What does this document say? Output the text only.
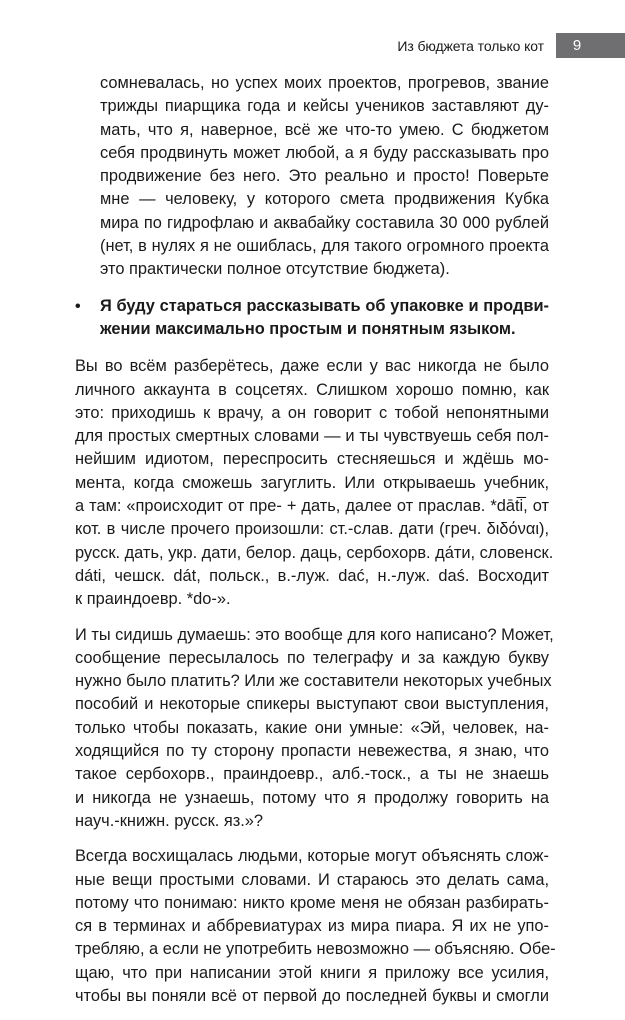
Из бюджета только кот	9

сомневалась, но успех моих проектов, прогревов, звание

трижды пиарщика года и кейсы учеников заставляют ду-

мать, что я, наверное, всё же что-то умею. С бюджетом

себя продвинуть может любой, а я буду рассказывать про

продвижение без него. Это реально и просто! Поверьте

мне — человеку, у которого смета продвижения Кубка

мира по гидрофлаю и аквабайку составила 30 000 рублей

(нет, в нулях я не ошиблась, для такого огромного проекта

это практически полное отсутствие бюджета).

• Я буду стараться рассказывать об упаковке и продви-

жении максимально простым и понятным языком.

Вы во всём разберётесь, даже если у вас никогда не было

личного аккаунта в соцсетях. Слишком хорошо помню, как

это: приходишь к врачу, а он говорит с тобой непонятными

для простых смертных словами — и ты чувствуешь себя пол-

нейшим идиотом, переспросить стесняешься и ждёшь мо-

мента, когда сможешь загуглить. Или открываешь учебник,

а там: «происходит от пре- + дать, далее от праслав. *dāti̅, от

кот. в числе прочего произошли: ст.-слав. дати (греч. διδόναι),

русск. дать, укр. дати, белор. даць, сербохорв. да́ти, словенск.

dáti, чешск. dát, польск., в.-луж. dać, н.-луж. daś. Восходит

к праиндоевр. *do-».

И ты сидишь думаешь: это вообще для кого написано? Может,

сообщение пересылалось по телеграфу и за каждую букву

нужно было платить? Или же составители некоторых учебных

пособий и некоторые спикеры выступают свои выступления,

только чтобы показать, какие они умные: «Эй, человек, на-

ходящийся по ту сторону пропасти невежества, я знаю, что

такое сербохорв., праиндоевр., алб.-тоск., а ты не знаешь

и никогда не узнаешь, потому что я продолжу говорить на

науч.-книжн. русск. яз.»?

Всегда восхищалась людьми, которые могут объяснять слож-

ные вещи простыми словами. И стараюсь это делать сама,

потому что понимаю: никто кроме меня не обязан разбирать-

ся в терминах и аббревиатурах из мира пиара. Я их не упо-

требляю, а если не употребить невозможно — объясняю. Обе-

щаю, что при написании этой книги я приложу все усилия,

чтобы вы поняли всё от первой до последней буквы и смогли
